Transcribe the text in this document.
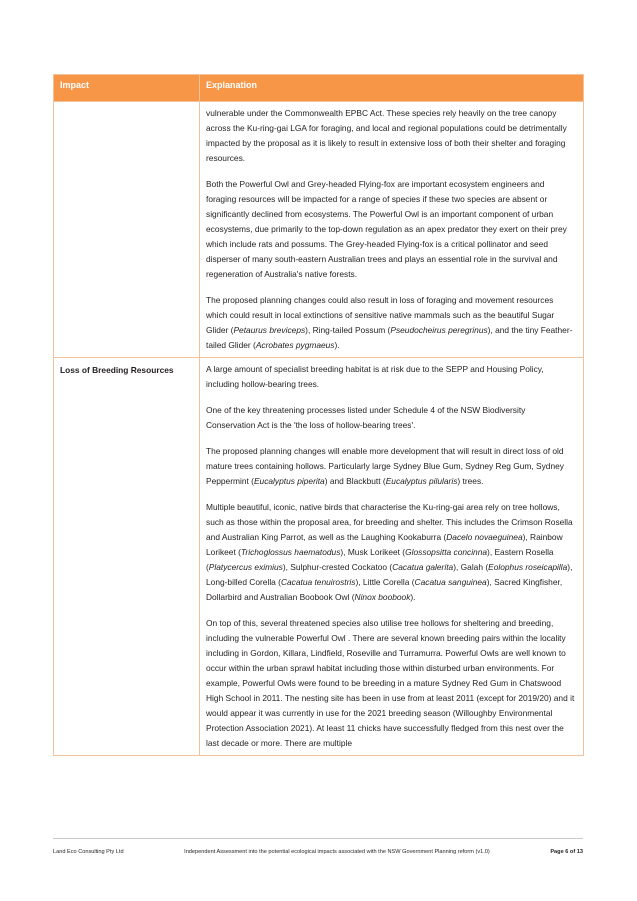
Impact	Explanation

	vulnerable under the Commonwealth EPBC Act. These species rely heavily on the tree canopy across the Ku-ring-gai LGA for foraging, and local and regional populations could be detrimentally impacted by the proposal as it is likely to result in extensive loss of both their shelter and foraging resources.

Both the Powerful Owl and Grey-headed Flying-fox are important ecosystem engineers and foraging resources will be impacted for a range of species if these two species are absent or significantly declined from ecosystems. The Powerful Owl is an important component of urban ecosystems, due primarily to the top-down regulation as an apex predator they exert on their prey which include rats and possums. The Grey-headed Flying-fox is a critical pollinator and seed disperser of many south-eastern Australian trees and plays an essential role in the survival and regeneration of Australia's native forests.

The proposed planning changes could also result in loss of foraging and movement resources which could result in local extinctions of sensitive native mammals such as the beautiful Sugar Glider (Petaurus breviceps), Ring-tailed Possum (Pseudocheirus peregrinus), and the tiny Feather-tailed Glider (Acrobates pygmaeus).

Loss of Breeding Resources	A large amount of specialist breeding habitat is at risk due to the SEPP and Housing Policy, including hollow-bearing trees.

One of the key threatening processes listed under Schedule 4 of the NSW Biodiversity Conservation Act is the 'the loss of hollow-bearing trees'.

The proposed planning changes will enable more development that will result in direct loss of old mature trees containing hollows. Particularly large Sydney Blue Gum, Sydney Reg Gum, Sydney Peppermint (Eucalyptus piperita) and Blackbutt (Eucalyptus pilularis) trees.

Multiple beautiful, iconic, native birds that characterise the Ku-ring-gai area rely on tree hollows, such as those within the proposal area, for breeding and shelter. This includes the Crimson Rosella and Australian King Parrot, as well as the Laughing Kookaburra (Dacelo novaeguinea), Rainbow Lorikeet (Trichoglossus haematodus), Musk Lorikeet (Glossopsitta concinna), Eastern Rosella (Platycercus eximius), Sulphur-crested Cockatoo (Cacatua galerita), Galah (Eolophus roseicapilla), Long-billed Corella (Cacatua tenuirostris), Little Corella (Cacatua sanguinea), Sacred Kingfisher, Dollarbird and Australian Boobook Owl (Ninox boobook).

On top of this, several threatened species also utilise tree hollows for sheltering and breeding, including the vulnerable Powerful Owl . There are several known breeding pairs within the locality including in Gordon, Killara, Lindfield, Roseville and Turramurra. Powerful Owls are well known to occur within the urban sprawl habitat including those within disturbed urban environments. For example, Powerful Owls were found to be breeding in a mature Sydney Red Gum in Chatswood High School in 2011. The nesting site has been in use from at least 2011 (except for 2019/20) and it would appear it was currently in use for the 2021 breeding season (Willoughby Environmental Protection Association 2021). At least 11 chicks have successfully fledged from this nest over the last decade or more. There are multiple

Land Eco Consulting Pty Ltd	Independent Assessment into the potential ecological impacts associated with the NSW Government Planning reform (v1.0)	Page 6 of 13
